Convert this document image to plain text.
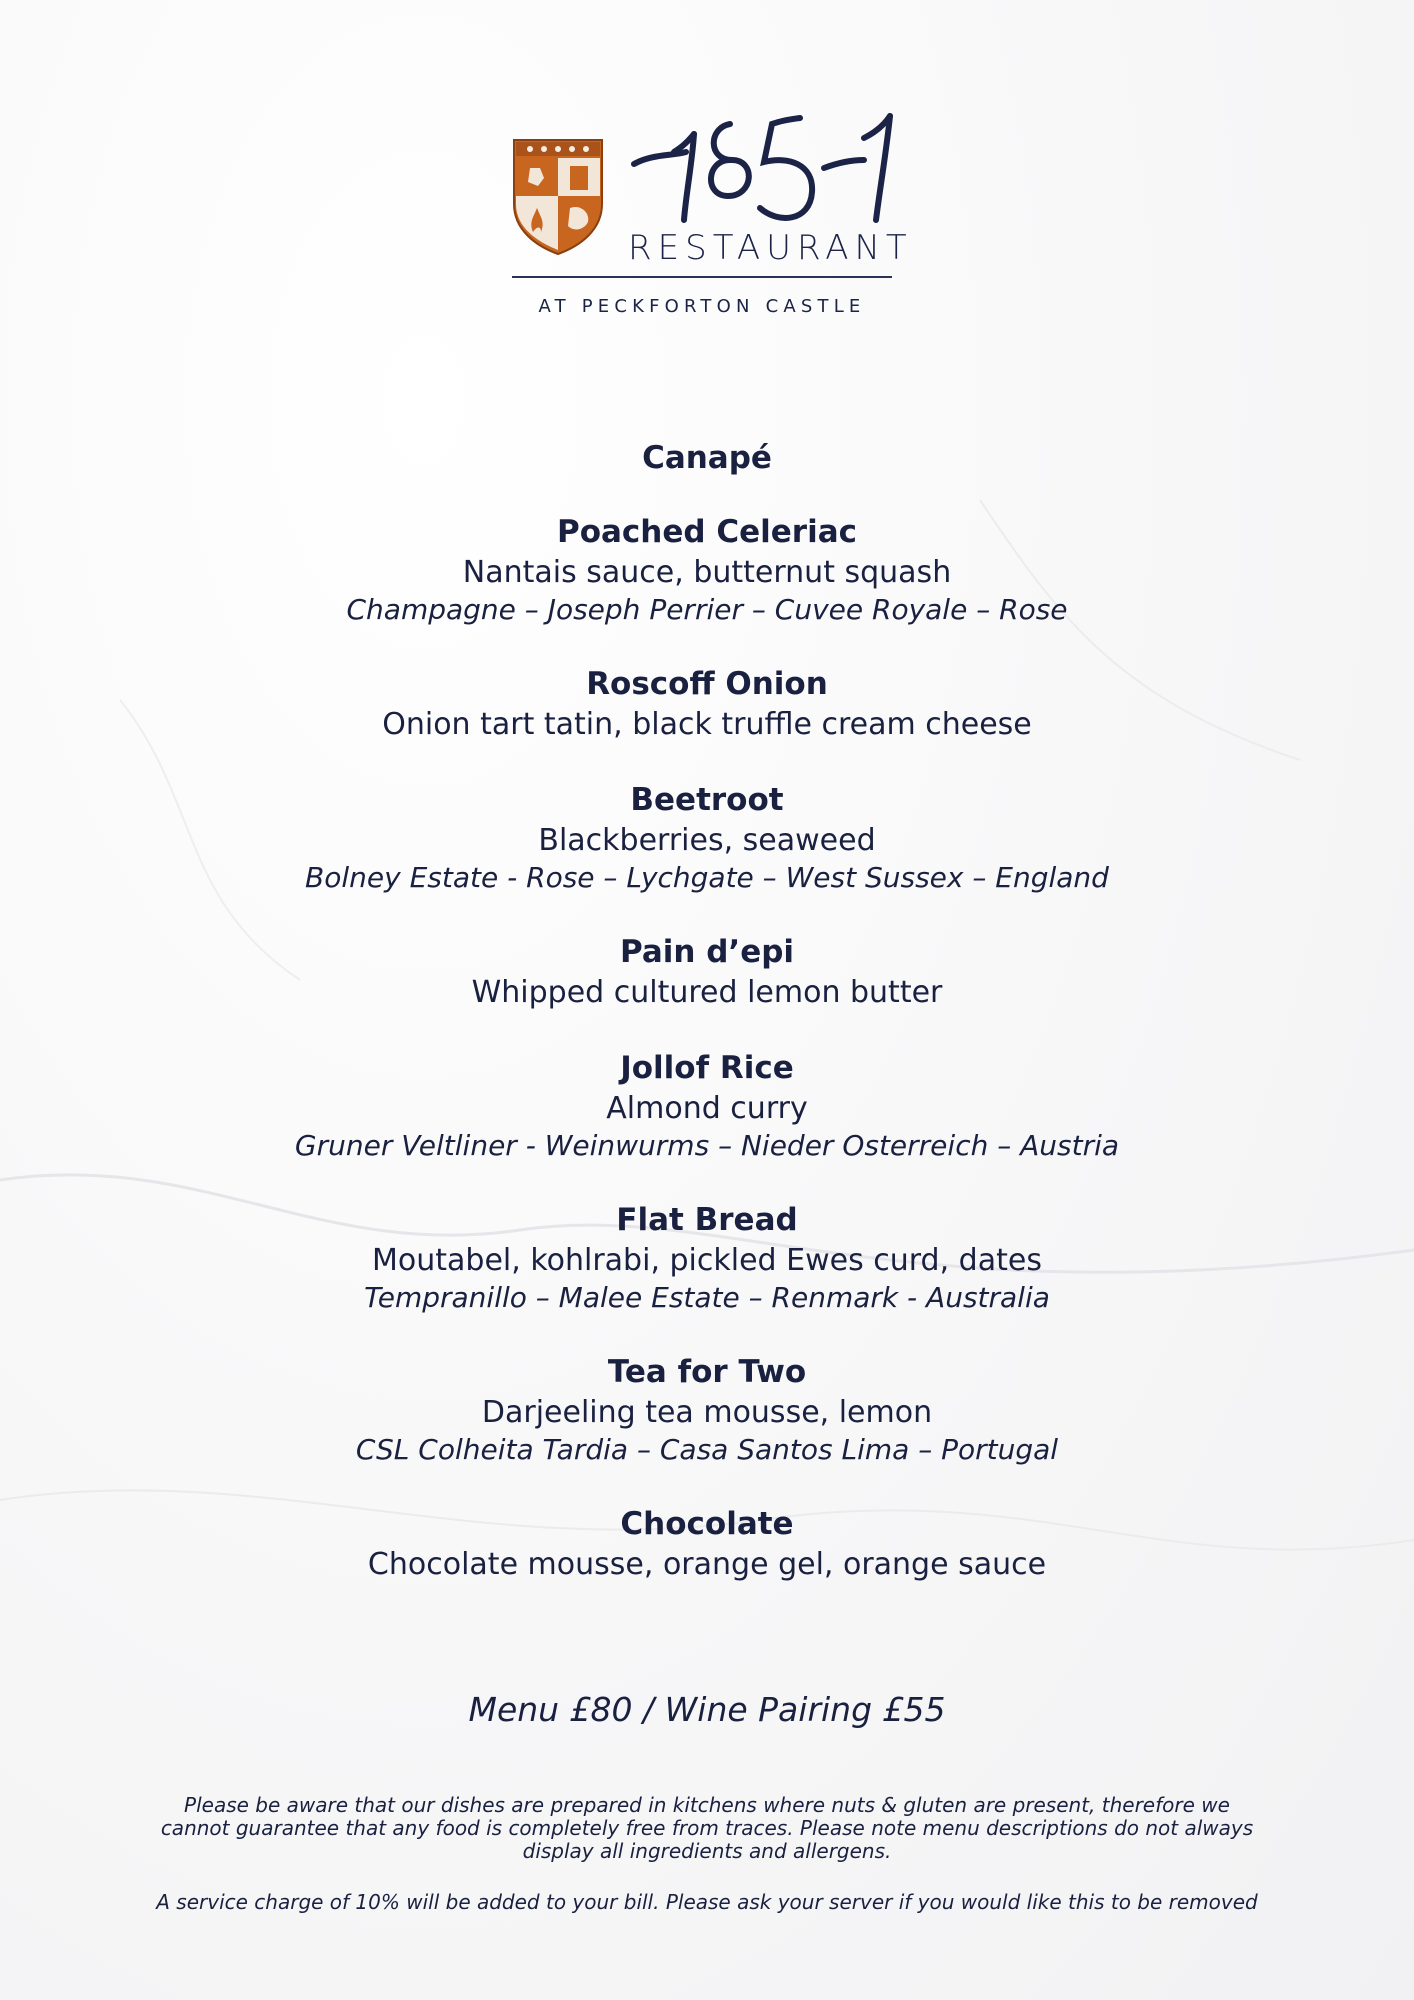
RESTAURANT
AT PECKFORTON CASTLE
Canapé
Poached Celeriac
Nantais sauce, butternut squash
Champagne – Joseph Perrier – Cuvee Royale – Rose
Roscoff Onion
Onion tart tatin, black truffle cream cheese
Beetroot
Blackberries, seaweed
Bolney Estate - Rose – Lychgate – West Sussex – England
Pain d’epi
Whipped cultured lemon butter
Jollof Rice
Almond curry
Gruner Veltliner - Weinwurms – Nieder Osterreich – Austria
Flat Bread
Moutabel, kohlrabi, pickled Ewes curd, dates
Tempranillo – Malee Estate – Renmark - Australia
Tea for Two
Darjeeling tea mousse, lemon
CSL Colheita Tardia – Casa Santos Lima – Portugal
Chocolate
Chocolate mousse, orange gel, orange sauce
Menu £80 / Wine Pairing £55
Please be aware that our dishes are prepared in kitchens where nuts & gluten are present, therefore we cannot guarantee that any food is completely free from traces. Please note menu descriptions do not always display all ingredients and allergens.
A service charge of 10% will be added to your bill. Please ask your server if you would like this to be removed
